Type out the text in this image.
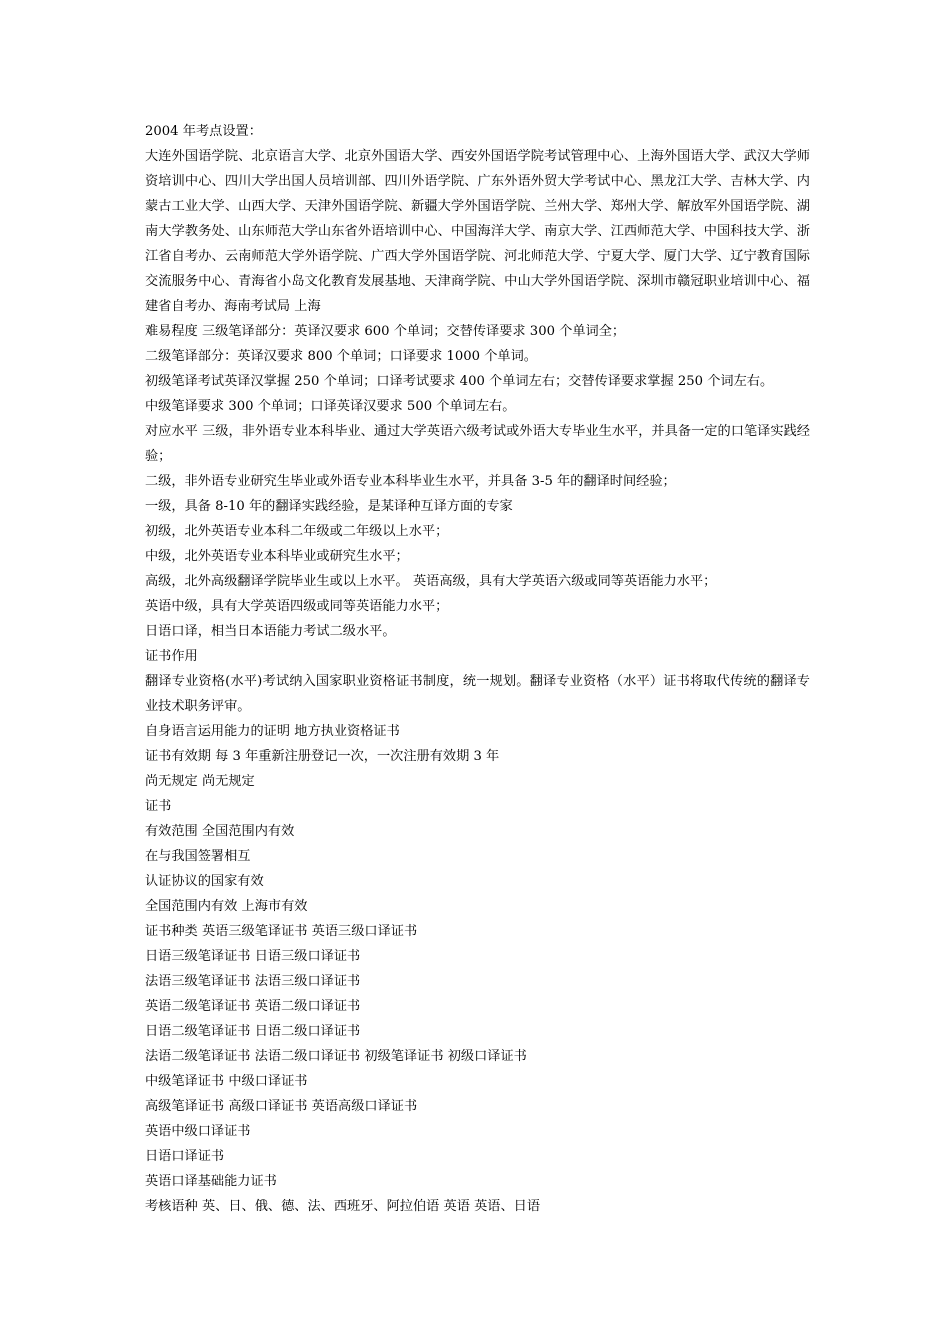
2004 年考点设置：

大连外国语学院、北京语言大学、北京外国语大学、西安外国语学院考试管理中心、上海外国语大学、武汉大学师资培训中心、四川大学出国人员培训部、四川外语学院、广东外语外贸大学考试中心、黑龙江大学、吉林大学、内蒙古工业大学、山西大学、天津外国语学院、新疆大学外国语学院、兰州大学、郑州大学、解放军外国语学院、湖南大学教务处、山东师范大学山东省外语培训中心、中国海洋大学、南京大学、江西师范大学、中国科技大学、浙江省自考办、云南师范大学外语学院、广西大学外国语学院、河北师范大学、宁夏大学、厦门大学、辽宁教育国际交流服务中心、青海省小岛文化教育发展基地、天津商学院、中山大学外国语学院、深圳市赣冠职业培训中心、福建省自考办、海南考试局 上海

难易程度 三级笔译部分：英译汉要求 600 个单词；交替传译要求 300 个单词全；

二级笔译部分：英译汉要求 800 个单词；口译要求 1000 个单词。

初级笔译考试英译汉掌握 250 个单词；口译考试要求 400 个单词左右；交替传译要求掌握 250 个词左右。

中级笔译要求 300 个单词；口译英译汉要求 500 个单词左右。

对应水平 三级，非外语专业本科毕业、通过大学英语六级考试或外语大专毕业生水平，并具备一定的口笔译实践经验；

二级，非外语专业研究生毕业或外语专业本科毕业生水平，并具备 3-5 年的翻译时间经验；

一级，具备 8-10 年的翻译实践经验，是某译种互译方面的专家

初级，北外英语专业本科二年级或二年级以上水平；

中级，北外英语专业本科毕业或研究生水平；

高级，北外高级翻译学院毕业生或以上水平。 英语高级，具有大学英语六级或同等英语能力水平；

英语中级，具有大学英语四级或同等英语能力水平；

日语口译，相当日本语能力考试二级水平。

证书作用

翻译专业资格(水平)考试纳入国家职业资格证书制度，统一规划。翻译专业资格（水平）证书将取代传统的翻译专业技术职务评审。

自身语言运用能力的证明 地方执业资格证书

证书有效期 每 3 年重新注册登记一次，一次注册有效期 3 年

尚无规定 尚无规定

证书

有效范围 全国范围内有效

在与我国签署相互

认证协议的国家有效

全国范围内有效 上海市有效

证书种类 英语三级笔译证书 英语三级口译证书

日语三级笔译证书 日语三级口译证书

法语三级笔译证书 法语三级口译证书

英语二级笔译证书 英语二级口译证书

日语二级笔译证书 日语二级口译证书

法语二级笔译证书 法语二级口译证书 初级笔译证书 初级口译证书

中级笔译证书 中级口译证书

高级笔译证书 高级口译证书 英语高级口译证书

英语中级口译证书

日语口译证书

英语口译基础能力证书

考核语种 英、日、俄、德、法、西班牙、阿拉伯语 英语 英语、日语
